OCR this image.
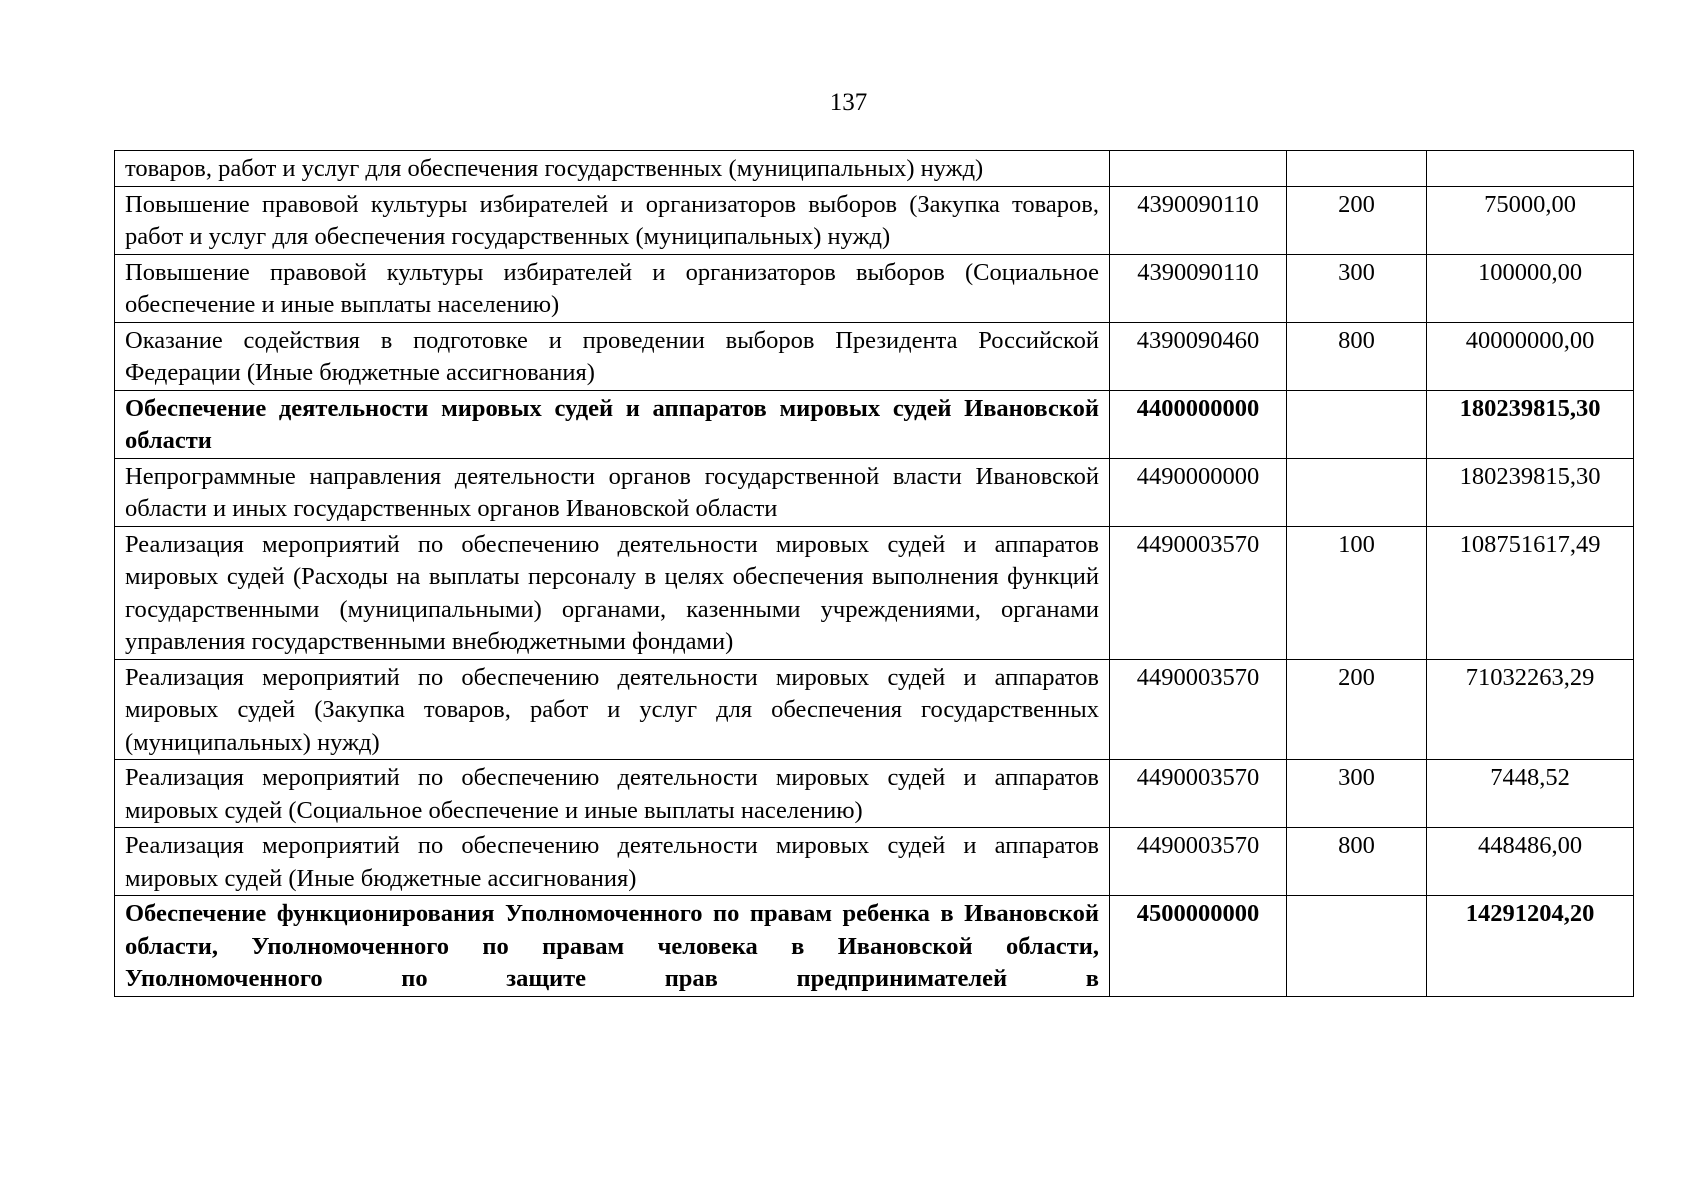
137
товаров, работ и услуг для обеспечения государственных (муниципальных) нужд)			
Повышение правовой культуры избирателей и организаторов выборов (Закупка товаров, работ и услуг для обеспечения государственных (муниципальных) нужд)	4390090110	200	75000,00
Повышение правовой культуры избирателей и организаторов выборов (Социальное обеспечение и иные выплаты населению)	4390090110	300	100000,00
Оказание содействия в подготовке и проведении выборов Президента Российской Федерации (Иные бюджетные ассигнования)	4390090460	800	40000000,00
Обеспечение деятельности мировых судей и аппаратов мировых судей Ивановской области	4400000000		180239815,30
Непрограммные направления деятельности органов государственной власти Ивановской области и иных государственных органов Ивановской области	4490000000		180239815,30
Реализация мероприятий по обеспечению деятельности мировых судей и аппаратов мировых судей (Расходы на выплаты персоналу в целях обеспечения выполнения функций государственными (муниципальными) органами, казенными учреждениями, органами управления государственными внебюджетными фондами)	4490003570	100	108751617,49
Реализация мероприятий по обеспечению деятельности мировых судей и аппаратов мировых судей (Закупка товаров, работ и услуг для обеспечения государственных (муниципальных) нужд)	4490003570	200	71032263,29
Реализация мероприятий по обеспечению деятельности мировых судей и аппаратов мировых судей (Социальное обеспечение и иные выплаты населению)	4490003570	300	7448,52
Реализация мероприятий по обеспечению деятельности мировых судей и аппаратов мировых судей (Иные бюджетные ассигнования)	4490003570	800	448486,00
Обеспечение функционирования Уполномоченного по правам ребенка в Ивановской области, Уполномоченного по правам человека в Ивановской области, Уполномоченного по защите прав предпринимателей в	4500000000		14291204,20
